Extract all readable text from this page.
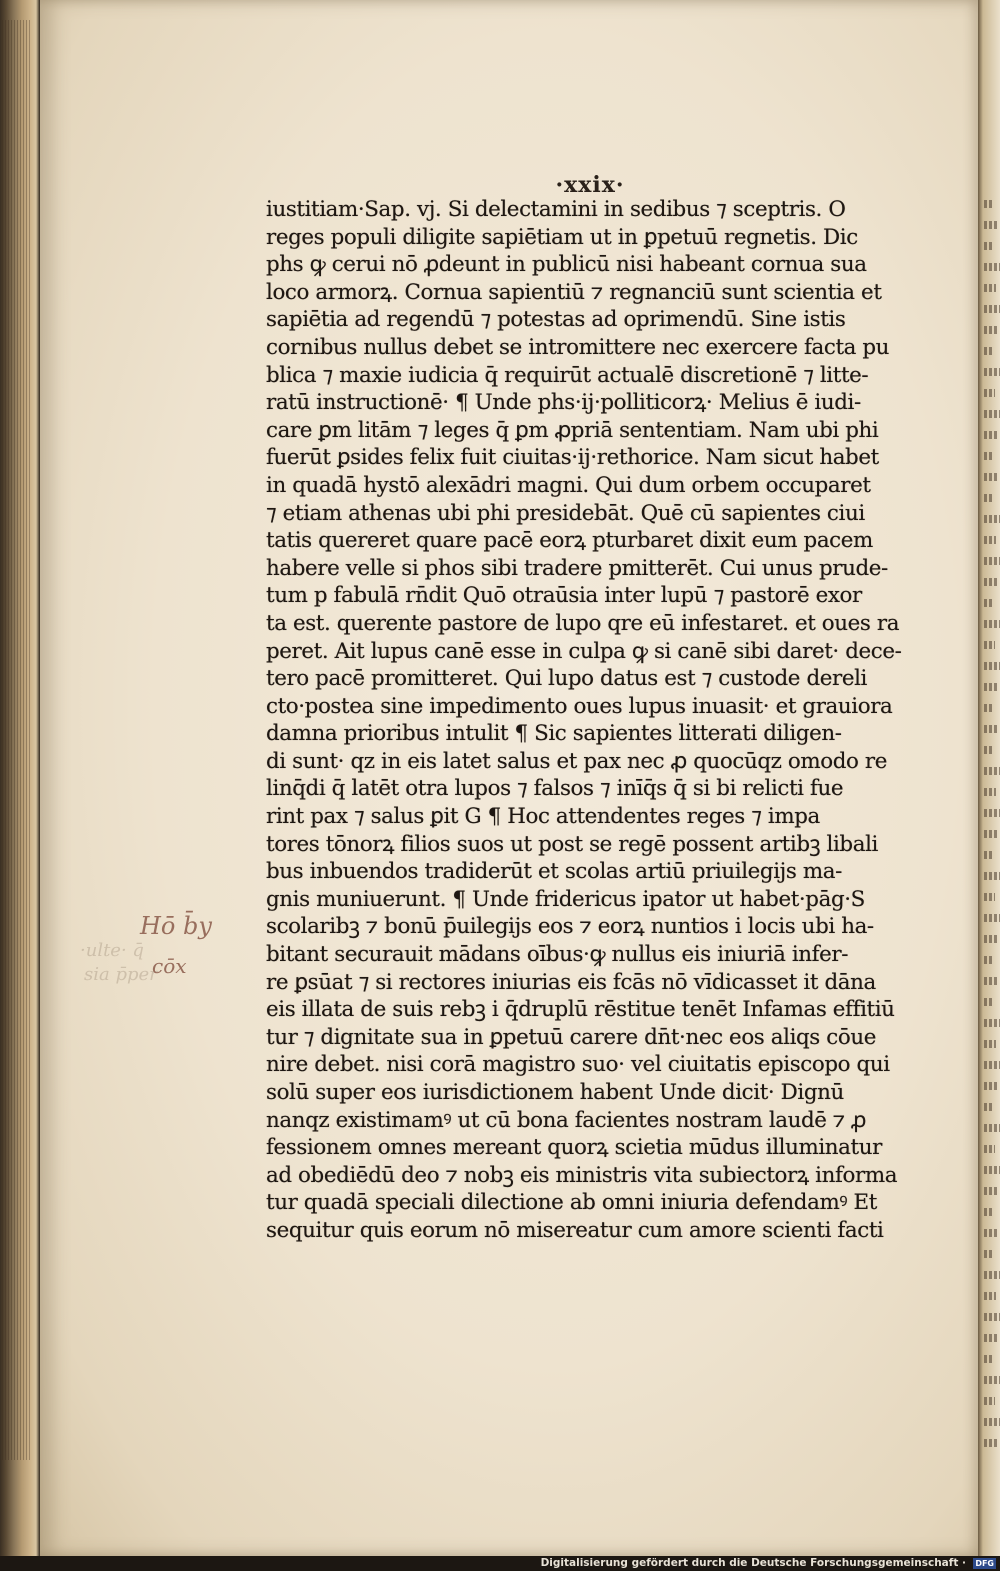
·ulte· q̄
sia p̄per
·xxix·
iustitiam·Sap. vj. Si delectamini in sedibus ⁊ sceptris. O
reges populi diligite sapiētiam ut in ꝑpetuū regnetis. Dic
phs ꝙ cerui nō ꝓdeunt in publicū nisi habeant cornua sua
loco armorꝝ. Cornua sapientiū ⁊ regnanciū sunt scientia et
sapiētia ad regendū ⁊ potestas ad oprimendū. Sine istis
cornibus nullus debet se intromittere nec exercere facta pu
blica ⁊ maxie iudicia q̄ requirūt actualē discretionē ⁊ litte-
ratū instructionē· ¶ Unde phs·ij·polliticorꝝ· Melius ē iudi-
care ꝑm litām ⁊ leges q̄ ꝑm ꝓpriā sententiam. Nam ubi phi
fuerūt ꝑsides felix fuit ciuitas·ij·rethorice. Nam sicut habet
in quadā hystō alexādri magni. Qui dum orbem occuparet
⁊ etiam athenas ubi phi presidebāt. Quē cū sapientes ciui
tatis quereret quare pacē eorꝝ pturbaret dixit eum pacem
habere velle si phos sibi tradere pmitterēt. Cui unus prude-
tum p fabulā rn̄dit Quō otraūsia inter lupū ⁊ pastorē exor
ta est. querente pastore de lupo qre eū infestaret. et oues ra
peret. Ait lupus canē esse in culpa ꝙ si canē sibi daret· dece-
tero pacē promitteret. Qui lupo datus est ⁊ custode dereli
cto·postea sine impedimento oues lupus inuasit· et grauiora
damna prioribus intulit ¶ Sic sapientes litterati diligen-
di sunt· qz in eis latet salus et pax nec ꝓ quocūqz omodo re
linq̄di q̄ latēt otra lupos ⁊ falsos ⁊ inīq̄s q̄ si bi relicti fue
rint pax ⁊ salus ꝑit G ¶ Hoc attendentes reges ⁊ impa
tores tōnorꝝ filios suos ut post se regē possent artibꝫ libali
bus inbuendos tradiderūt et scolas artiū priuilegijs ma-
gnis muniuerunt. ¶ Unde fridericus ipator ut habet·pāg·S
scolaribꝫ ⁊ bonū p̄uilegijs eos ⁊ eorꝝ nuntios i locis ubi ha-
bitant securauit mādans oībus·ꝙ nullus eis iniuriā infer-
re ꝑsūat ⁊ si rectores iniurias eis fcās nō vīdicasset it dāna
eis illata de suis rebꝫ i q̄druplū rēstitue tenēt Infamas effitiū
tur ⁊ dignitate sua in ꝑpetuū carere dn̄t·nec eos aliqs cōue
nire debet. nisi corā magistro suo· vel ciuitatis episcopo qui
solū super eos iurisdictionem habent Unde dicit· Dignū
nanqz existimamꝰ ut cū bona facientes nostram laudē ⁊ ꝓ
fessionem omnes mereant quorꝝ scietia mūdus illuminatur
ad obediēdū deo ⁊ nobꝫ eis ministris vita subiectorꝝ informa
tur quadā speciali dilectione ab omni iniuria defendamꝰ Et
sequitur quis eorum nō misereatur cum amore scienti facti
Hō b̄y
cōx
Digitalisierung gefördert durch die Deutsche Forschungsgemeinschaft · DFG
